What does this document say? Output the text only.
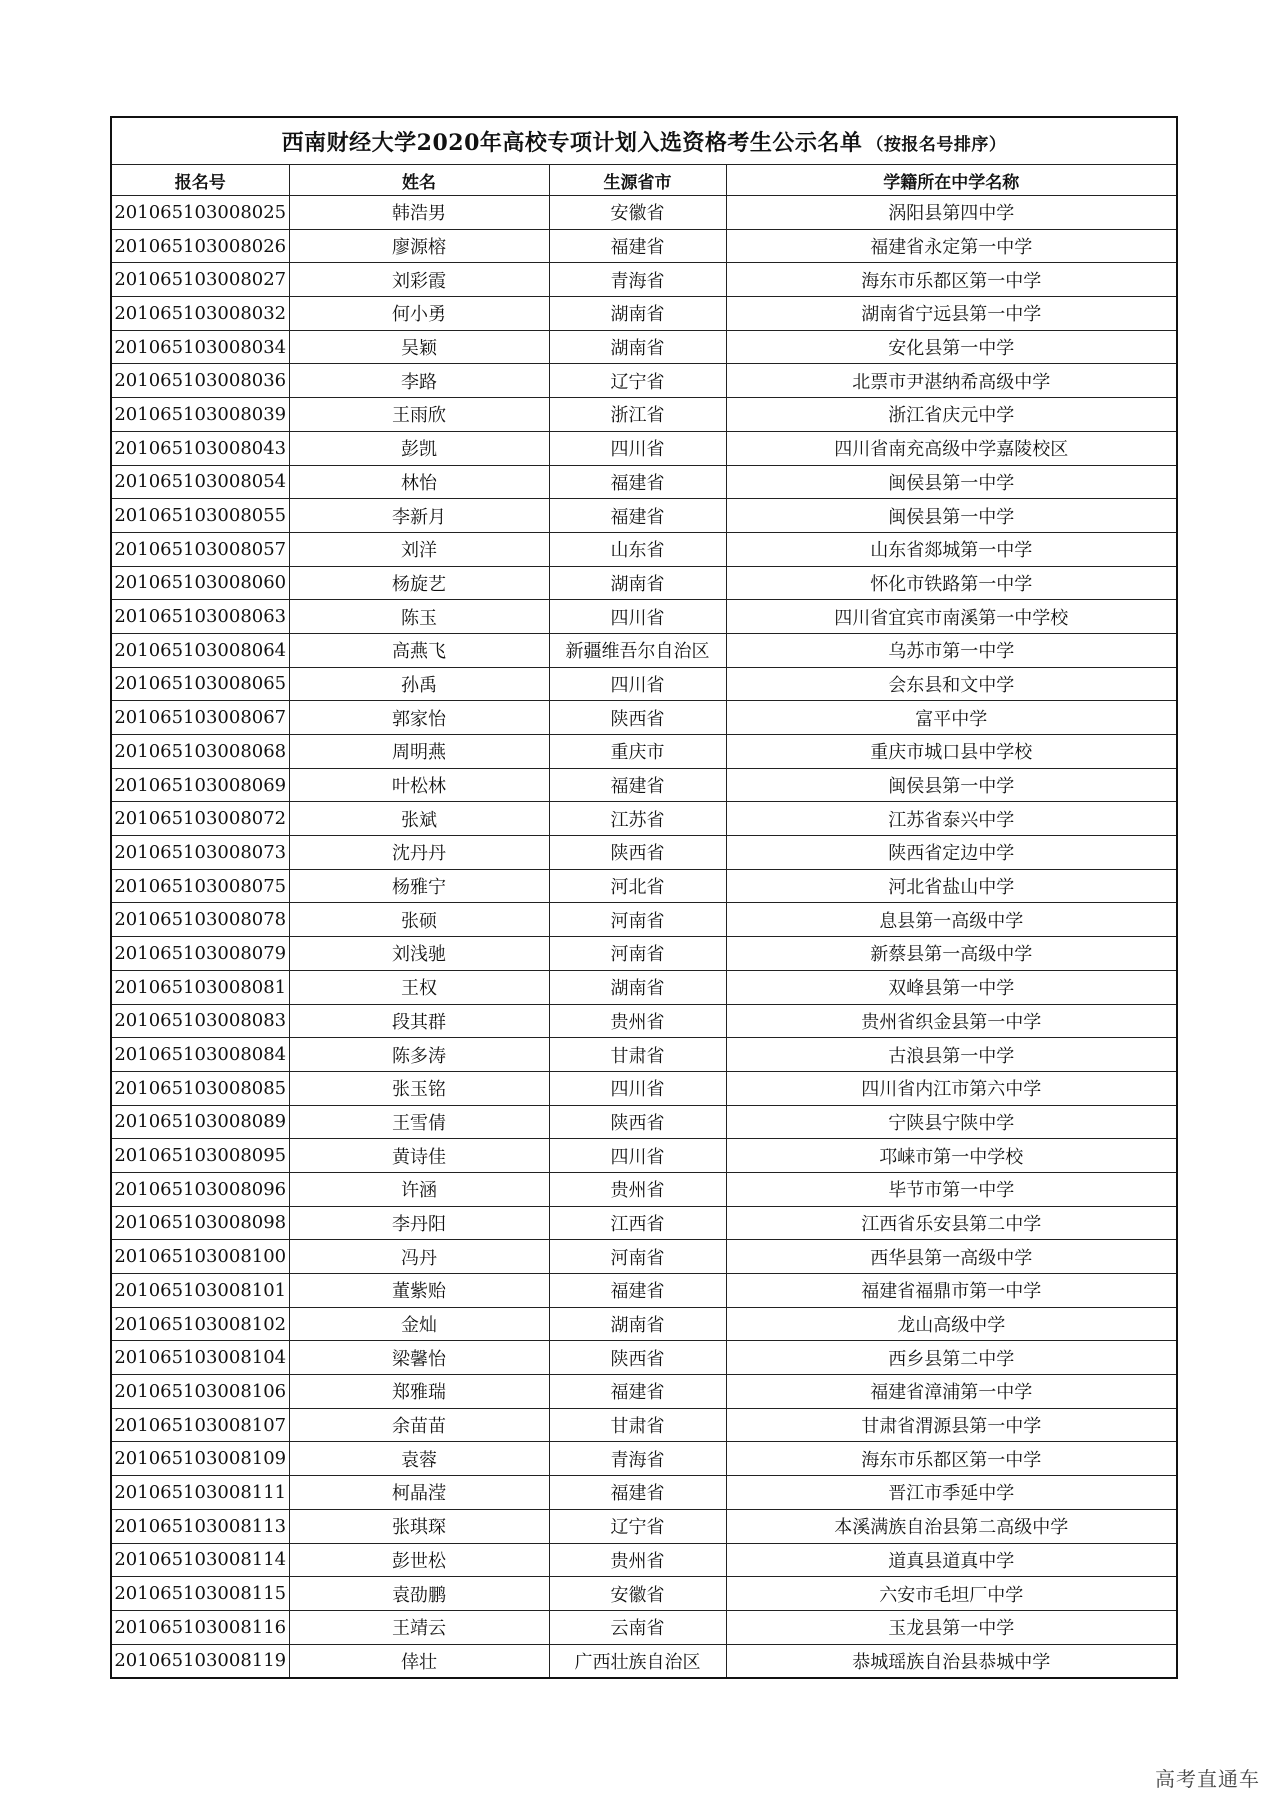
西南财经大学2020年高校专项计划入选资格考生公示名单 （按报名号排序）			
报名号	姓名	生源省市	学籍所在中学名称
201065103008025	韩浩男	安徽省	涡阳县第四中学
201065103008026	廖源榕	福建省	福建省永定第一中学
201065103008027	刘彩霞	青海省	海东市乐都区第一中学
201065103008032	何小勇	湖南省	湖南省宁远县第一中学
201065103008034	吴颖	湖南省	安化县第一中学
201065103008036	李路	辽宁省	北票市尹湛纳希高级中学
201065103008039	王雨欣	浙江省	浙江省庆元中学
201065103008043	彭凯	四川省	四川省南充高级中学嘉陵校区
201065103008054	林怡	福建省	闽侯县第一中学
201065103008055	李新月	福建省	闽侯县第一中学
201065103008057	刘洋	山东省	山东省郯城第一中学
201065103008060	杨旋艺	湖南省	怀化市铁路第一中学
201065103008063	陈玉	四川省	四川省宜宾市南溪第一中学校
201065103008064	高燕飞	新疆维吾尔自治区	乌苏市第一中学
201065103008065	孙禹	四川省	会东县和文中学
201065103008067	郭家怡	陕西省	富平中学
201065103008068	周明燕	重庆市	重庆市城口县中学校
201065103008069	叶松林	福建省	闽侯县第一中学
201065103008072	张斌	江苏省	江苏省泰兴中学
201065103008073	沈丹丹	陕西省	陕西省定边中学
201065103008075	杨雅宁	河北省	河北省盐山中学
201065103008078	张硕	河南省	息县第一高级中学
201065103008079	刘浅驰	河南省	新蔡县第一高级中学
201065103008081	王权	湖南省	双峰县第一中学
201065103008083	段其群	贵州省	贵州省织金县第一中学
201065103008084	陈多涛	甘肃省	古浪县第一中学
201065103008085	张玉铭	四川省	四川省内江市第六中学
201065103008089	王雪倩	陕西省	宁陕县宁陕中学
201065103008095	黄诗佳	四川省	邛崃市第一中学校
201065103008096	许涵	贵州省	毕节市第一中学
201065103008098	李丹阳	江西省	江西省乐安县第二中学
201065103008100	冯丹	河南省	西华县第一高级中学
201065103008101	董紫贻	福建省	福建省福鼎市第一中学
201065103008102	金灿	湖南省	龙山高级中学
201065103008104	梁馨怡	陕西省	西乡县第二中学
201065103008106	郑雅瑞	福建省	福建省漳浦第一中学
201065103008107	余苗苗	甘肃省	甘肃省渭源县第一中学
201065103008109	袁蓉	青海省	海东市乐都区第一中学
201065103008111	柯晶滢	福建省	晋江市季延中学
201065103008113	张琪琛	辽宁省	本溪满族自治县第二高级中学
201065103008114	彭世松	贵州省	道真县道真中学
201065103008115	袁劭鹏	安徽省	六安市毛坦厂中学
201065103008116	王靖云	云南省	玉龙县第一中学
201065103008119	倖壮	广西壮族自治区	恭城瑶族自治县恭城中学
高考直通车
